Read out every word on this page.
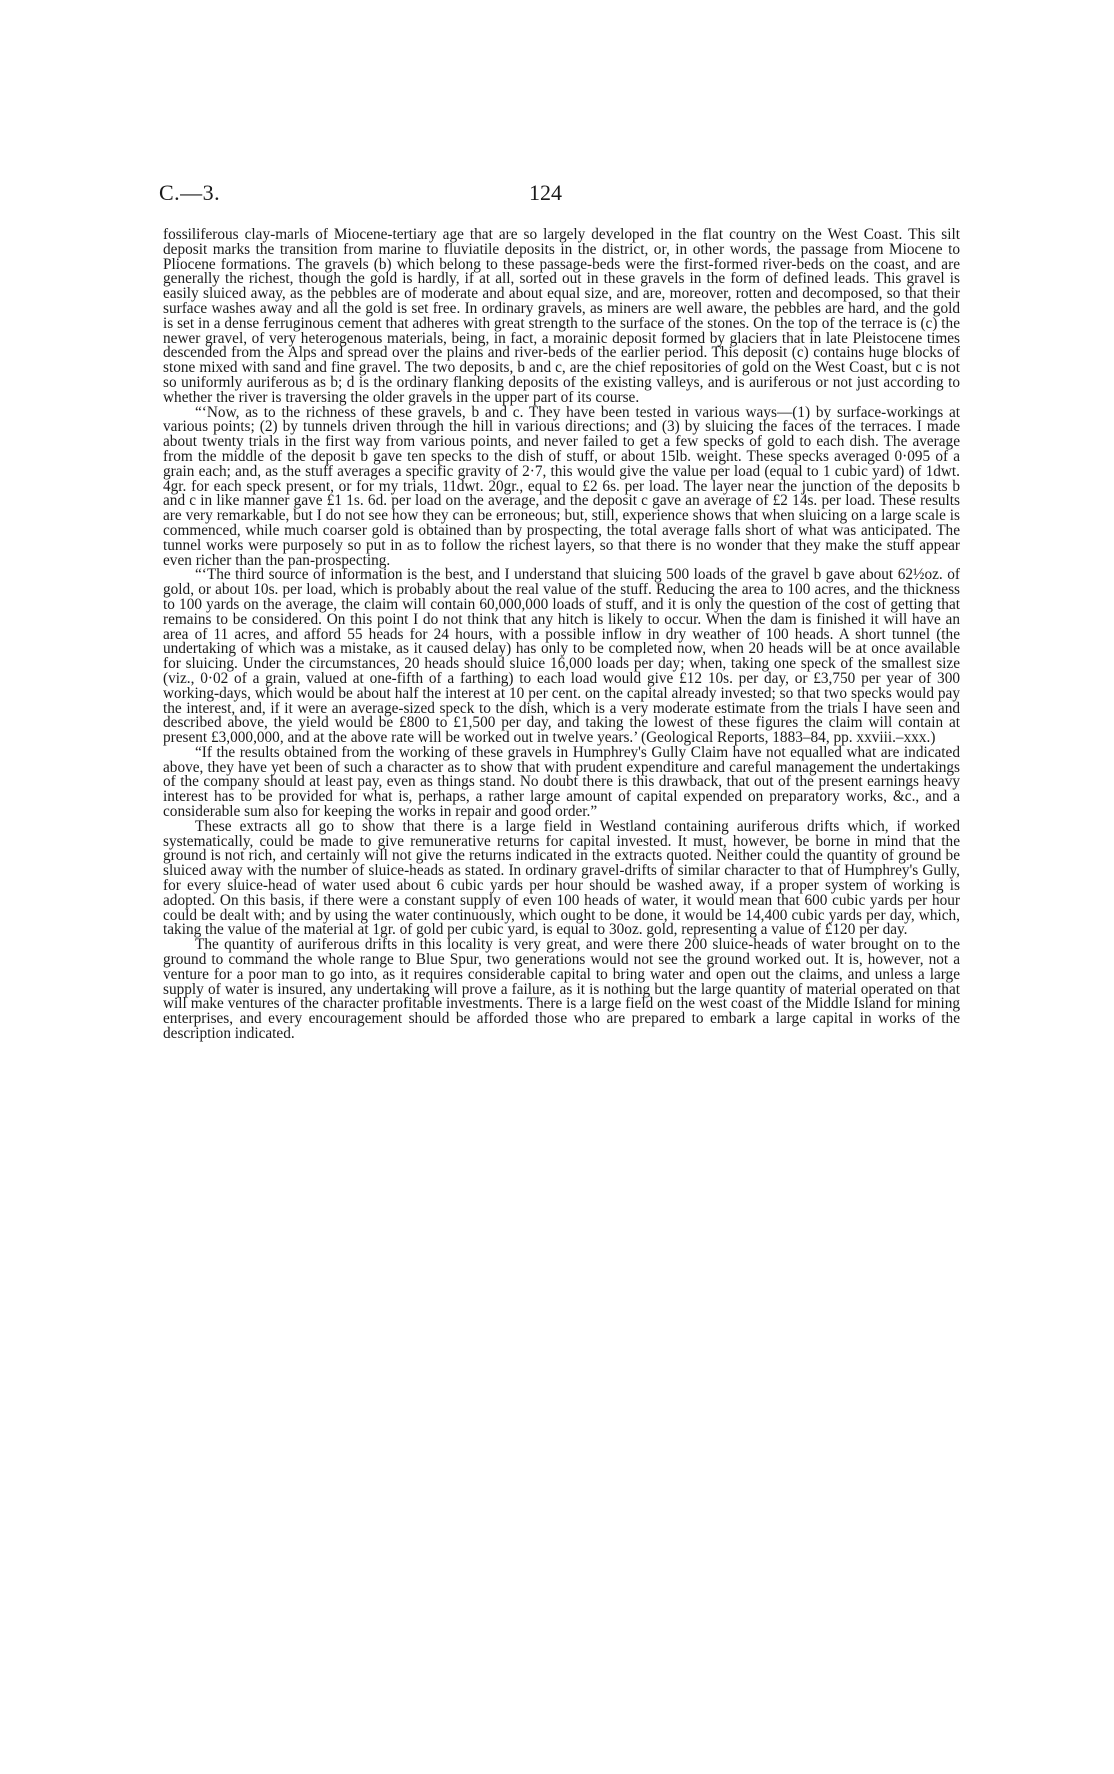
C.—3.	124

fossiliferous clay-marls of Miocene-tertiary age that are so largely developed in the flat country on the West Coast. This silt deposit marks the transition from marine to fluviatile deposits in the district, or, in other words, the passage from Miocene to Pliocene formations. The gravels (b) which belong to these passage-beds were the first-formed river-beds on the coast, and are generally the richest, though the gold is hardly, if at all, sorted out in these gravels in the form of defined leads. This gravel is easily sluiced away, as the pebbles are of moderate and about equal size, and are, moreover, rotten and decomposed, so that their surface washes away and all the gold is set free. In ordinary gravels, as miners are well aware, the pebbles are hard, and the gold is set in a dense ferruginous cement that adheres with great strength to the surface of the stones. On the top of the terrace is (c) the newer gravel, of very heterogenous materials, being, in fact, a morainic deposit formed by glaciers that in late Pleistocene times descended from the Alps and spread over the plains and river-beds of the earlier period. This deposit (c) contains huge blocks of stone mixed with sand and fine gravel. The two deposits, b and c, are the chief repositories of gold on the West Coast, but c is not so uniformly auriferous as b; d is the ordinary flanking deposits of the existing valleys, and is auriferous or not just according to whether the river is traversing the older gravels in the upper part of its course.

“‘Now, as to the richness of these gravels, b and c. They have been tested in various ways—(1) by surface-workings at various points; (2) by tunnels driven through the hill in various directions; and (3) by sluicing the faces of the terraces. I made about twenty trials in the first way from various points, and never failed to get a few specks of gold to each dish. The average from the middle of the deposit b gave ten specks to the dish of stuff, or about 15lb. weight. These specks averaged 0·095 of a grain each; and, as the stuff averages a specific gravity of 2·7, this would give the value per load (equal to 1 cubic yard) of 1dwt. 4gr. for each speck present, or for my trials, 11dwt. 20gr., equal to £2 6s. per load. The layer near the junction of the deposits b and c in like manner gave £1 1s. 6d. per load on the average, and the deposit c gave an average of £2 14s. per load. These results are very remarkable, but I do not see how they can be erroneous; but, still, experience shows that when sluicing on a large scale is commenced, while much coarser gold is obtained than by prospecting, the total average falls short of what was anticipated. The tunnel works were purposely so put in as to follow the richest layers, so that there is no wonder that they make the stuff appear even richer than the pan-prospecting.

“‘The third source of information is the best, and I understand that sluicing 500 loads of the gravel b gave about 62½oz. of gold, or about 10s. per load, which is probably about the real value of the stuff. Reducing the area to 100 acres, and the thickness to 100 yards on the average, the claim will contain 60,000,000 loads of stuff, and it is only the question of the cost of getting that remains to be considered. On this point I do not think that any hitch is likely to occur. When the dam is finished it will have an area of 11 acres, and afford 55 heads for 24 hours, with a possible inflow in dry weather of 100 heads. A short tunnel (the undertaking of which was a mistake, as it caused delay) has only to be completed now, when 20 heads will be at once available for sluicing. Under the circumstances, 20 heads should sluice 16,000 loads per day; when, taking one speck of the smallest size (viz., 0·02 of a grain, valued at one-fifth of a farthing) to each load would give £12 10s. per day, or £3,750 per year of 300 working-days, which would be about half the interest at 10 per cent. on the capital already invested; so that two specks would pay the interest, and, if it were an average-sized speck to the dish, which is a very moderate estimate from the trials I have seen and described above, the yield would be £800 to £1,500 per day, and taking the lowest of these figures the claim will contain at present £3,000,000, and at the above rate will be worked out in twelve years.’ (Geological Reports, 1883–84, pp. xxviii.–xxx.)

“If the results obtained from the working of these gravels in Humphrey's Gully Claim have not equalled what are indicated above, they have yet been of such a character as to show that with prudent expenditure and careful management the undertakings of the company should at least pay, even as things stand. No doubt there is this drawback, that out of the present earnings heavy interest has to be provided for what is, perhaps, a rather large amount of capital expended on preparatory works, &c., and a considerable sum also for keeping the works in repair and good order.”

These extracts all go to show that there is a large field in Westland containing auriferous drifts which, if worked systematically, could be made to give remunerative returns for capital invested. It must, however, be borne in mind that the ground is not rich, and certainly will not give the returns indicated in the extracts quoted. Neither could the quantity of ground be sluiced away with the number of sluice-heads as stated. In ordinary gravel-drifts of similar character to that of Humphrey's Gully, for every sluice-head of water used about 6 cubic yards per hour should be washed away, if a proper system of working is adopted. On this basis, if there were a constant supply of even 100 heads of water, it would mean that 600 cubic yards per hour could be dealt with; and by using the water continuously, which ought to be done, it would be 14,400 cubic yards per day, which, taking the value of the material at 1gr. of gold per cubic yard, is equal to 30oz. gold, representing a value of £120 per day.

The quantity of auriferous drifts in this locality is very great, and were there 200 sluice-heads of water brought on to the ground to command the whole range to Blue Spur, two generations would not see the ground worked out. It is, however, not a venture for a poor man to go into, as it requires considerable capital to bring water and open out the claims, and unless a large supply of water is insured, any undertaking will prove a failure, as it is nothing but the large quantity of material operated on that will make ventures of the character profitable investments. There is a large field on the west coast of the Middle Island for mining enterprises, and every encouragement should be afforded those who are prepared to embark a large capital in works of the description indicated.
